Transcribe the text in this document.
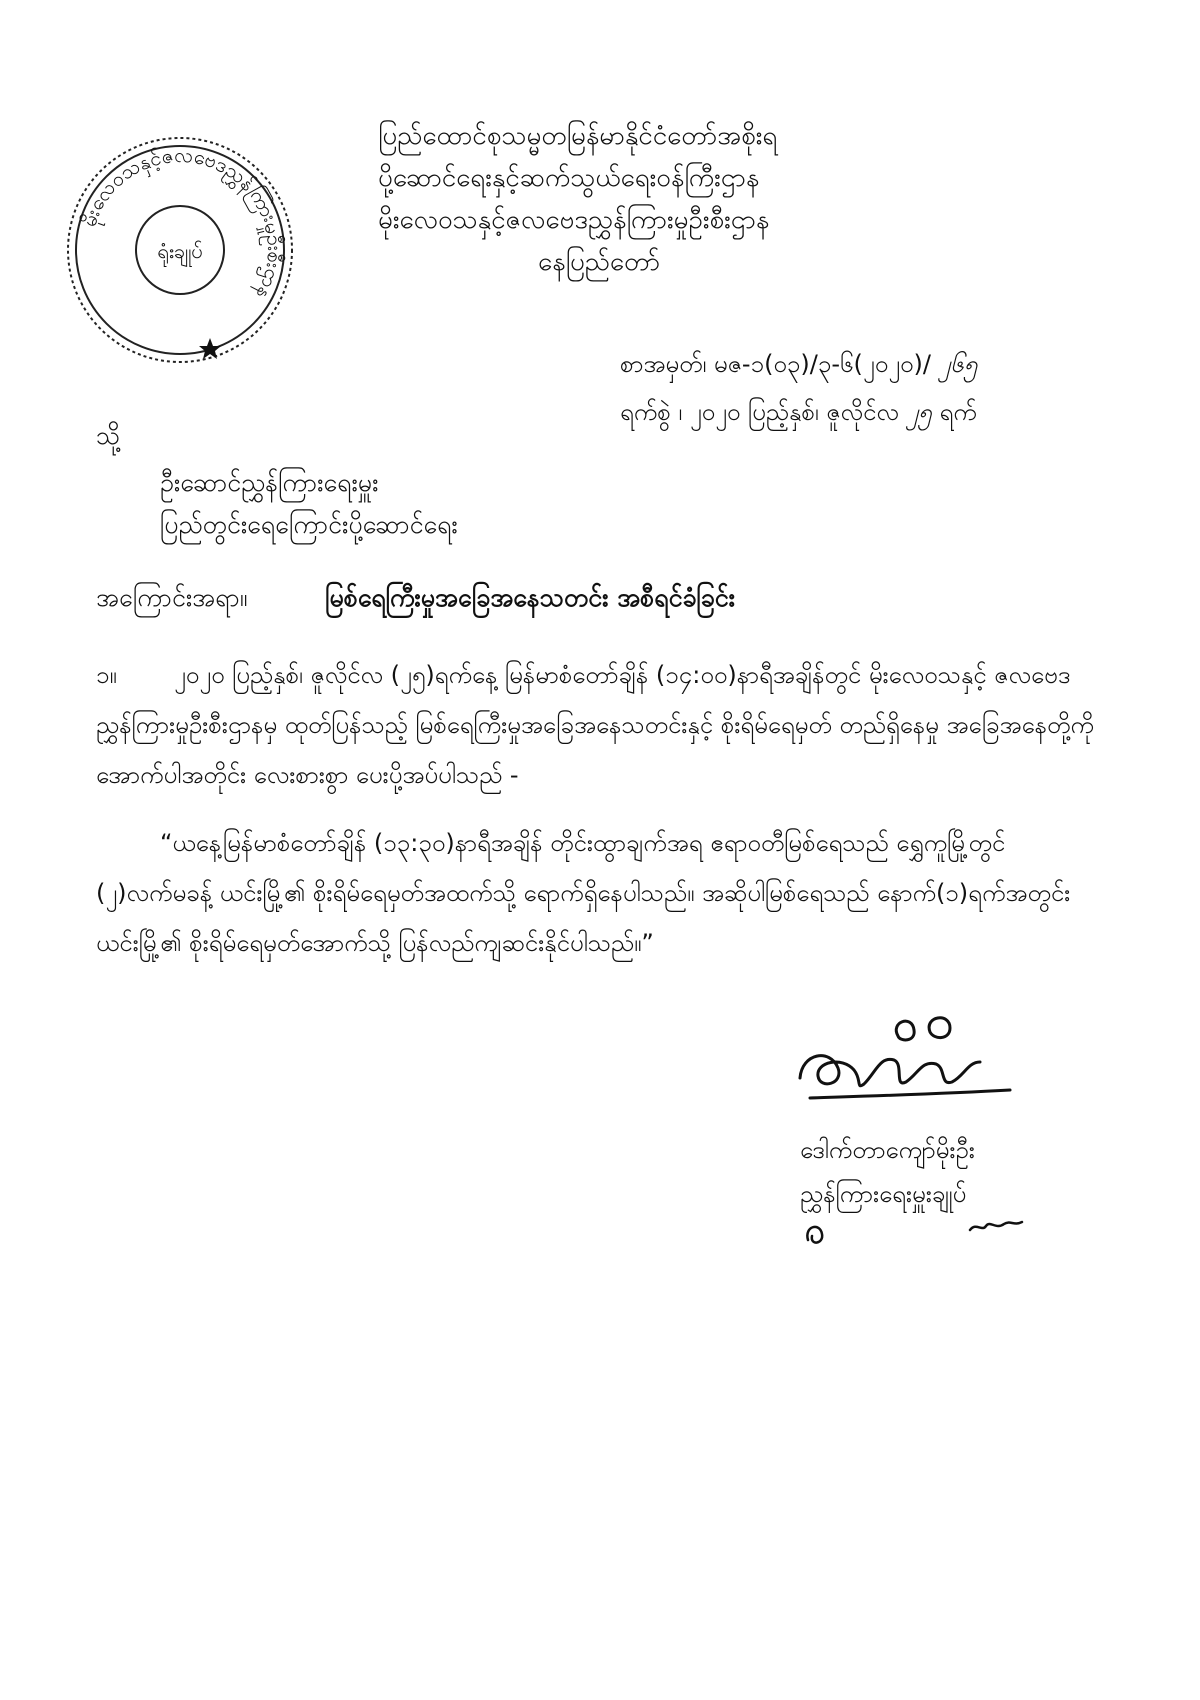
မိုးလေဝသနှင့်ဇလဗေဒညွှန်ကြားမှုဦးစီးဌာန
ရုံးချုပ်
ပြည်ထောင်စုသမ္မတမြန်မာနိုင်ငံတော်အစိုးရ
ပို့ဆောင်ရေးနှင့်ဆက်သွယ်ရေးဝန်ကြီးဌာန
မိုးလေဝသနှင့်ဇလဗေဒညွှန်ကြားမှုဦးစီးဌာန
နေပြည်တော်
စာအမှတ်၊ မဇ-၁(၀၃)/၃-၆(၂၀၂၀)/ ၂၆၅
ရက်စွဲ ၊ ၂၀၂၀ ပြည့်နှစ်၊ ဇူလိုင်လ ၂၅ ရက်
သို့
ဦးဆောင်ညွှန်ကြားရေးမှူး
ပြည်တွင်းရေကြောင်းပို့ဆောင်ရေး
အကြောင်းအရာ။	မြစ်ရေကြီးမှုအခြေအနေသတင်း အစီရင်ခံခြင်း
၁။ ၂၀၂၀ ပြည့်နှစ်၊ ဇူလိုင်လ (၂၅)ရက်နေ့ မြန်မာစံတော်ချိန် (၁၄:၀၀)နာရီအချိန်တွင် မိုးလေဝသနှင့် ဇလဗေဒညွှန်ကြားမှုဦးစီးဌာနမှ ထုတ်ပြန်သည့် မြစ်ရေကြီးမှုအခြေအနေသတင်းနှင့် စိုးရိမ်ရေမှတ် တည်ရှိနေမှု အခြေအနေတို့ကို အောက်ပါအတိုင်း လေးစားစွာ ပေးပို့အပ်ပါသည် -
“ယနေ့မြန်မာစံတော်ချိန် (၁၃:၃၀)နာရီအချိန် တိုင်းထွာချက်အရ ဧရာဝတီမြစ်ရေသည် ရွှေကူမြို့တွင် (၂)လက်မခန့် ယင်းမြို့၏ စိုးရိမ်ရေမှတ်အထက်သို့ ရောက်ရှိနေပါသည်။ အဆိုပါမြစ်ရေသည် နောက်(၁)ရက်အတွင်း ယင်းမြို့၏ စိုးရိမ်ရေမှတ်အောက်သို့ ပြန်လည်ကျဆင်းနိုင်ပါသည်။”
ဒေါက်တာကျော်မိုးဦး
ညွှန်ကြားရေးမှူးချုပ်
